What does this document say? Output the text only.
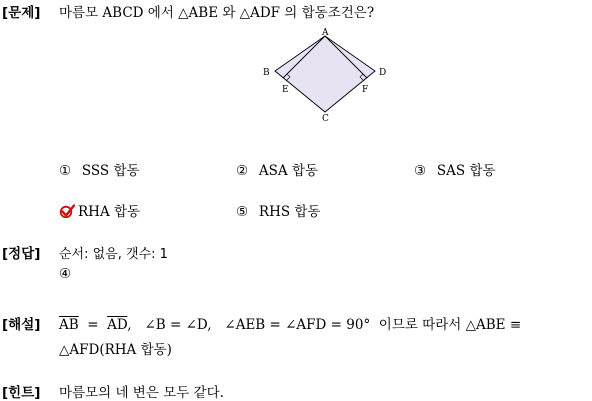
[문제] 마름모 ABCD 에서 △ABE 와 △ADF 의 합동조건은?
A
B
C
D
E	F
① SSS 합동	② ASA 합동	③ SAS 합동
RHA 합동	⑤ RHS 합동
[정답] 순서: 없음, 갯수: 1
④
[해설] $\overline{AB} = \overline{AD}$,   ∠B = ∠D, ∠AEB = ∠AFD = 90° 이므로 따라서 △ABE ≡
△AFD(RHA 합동)
[힌트] 마름모의 네 변은 모두 같다.
